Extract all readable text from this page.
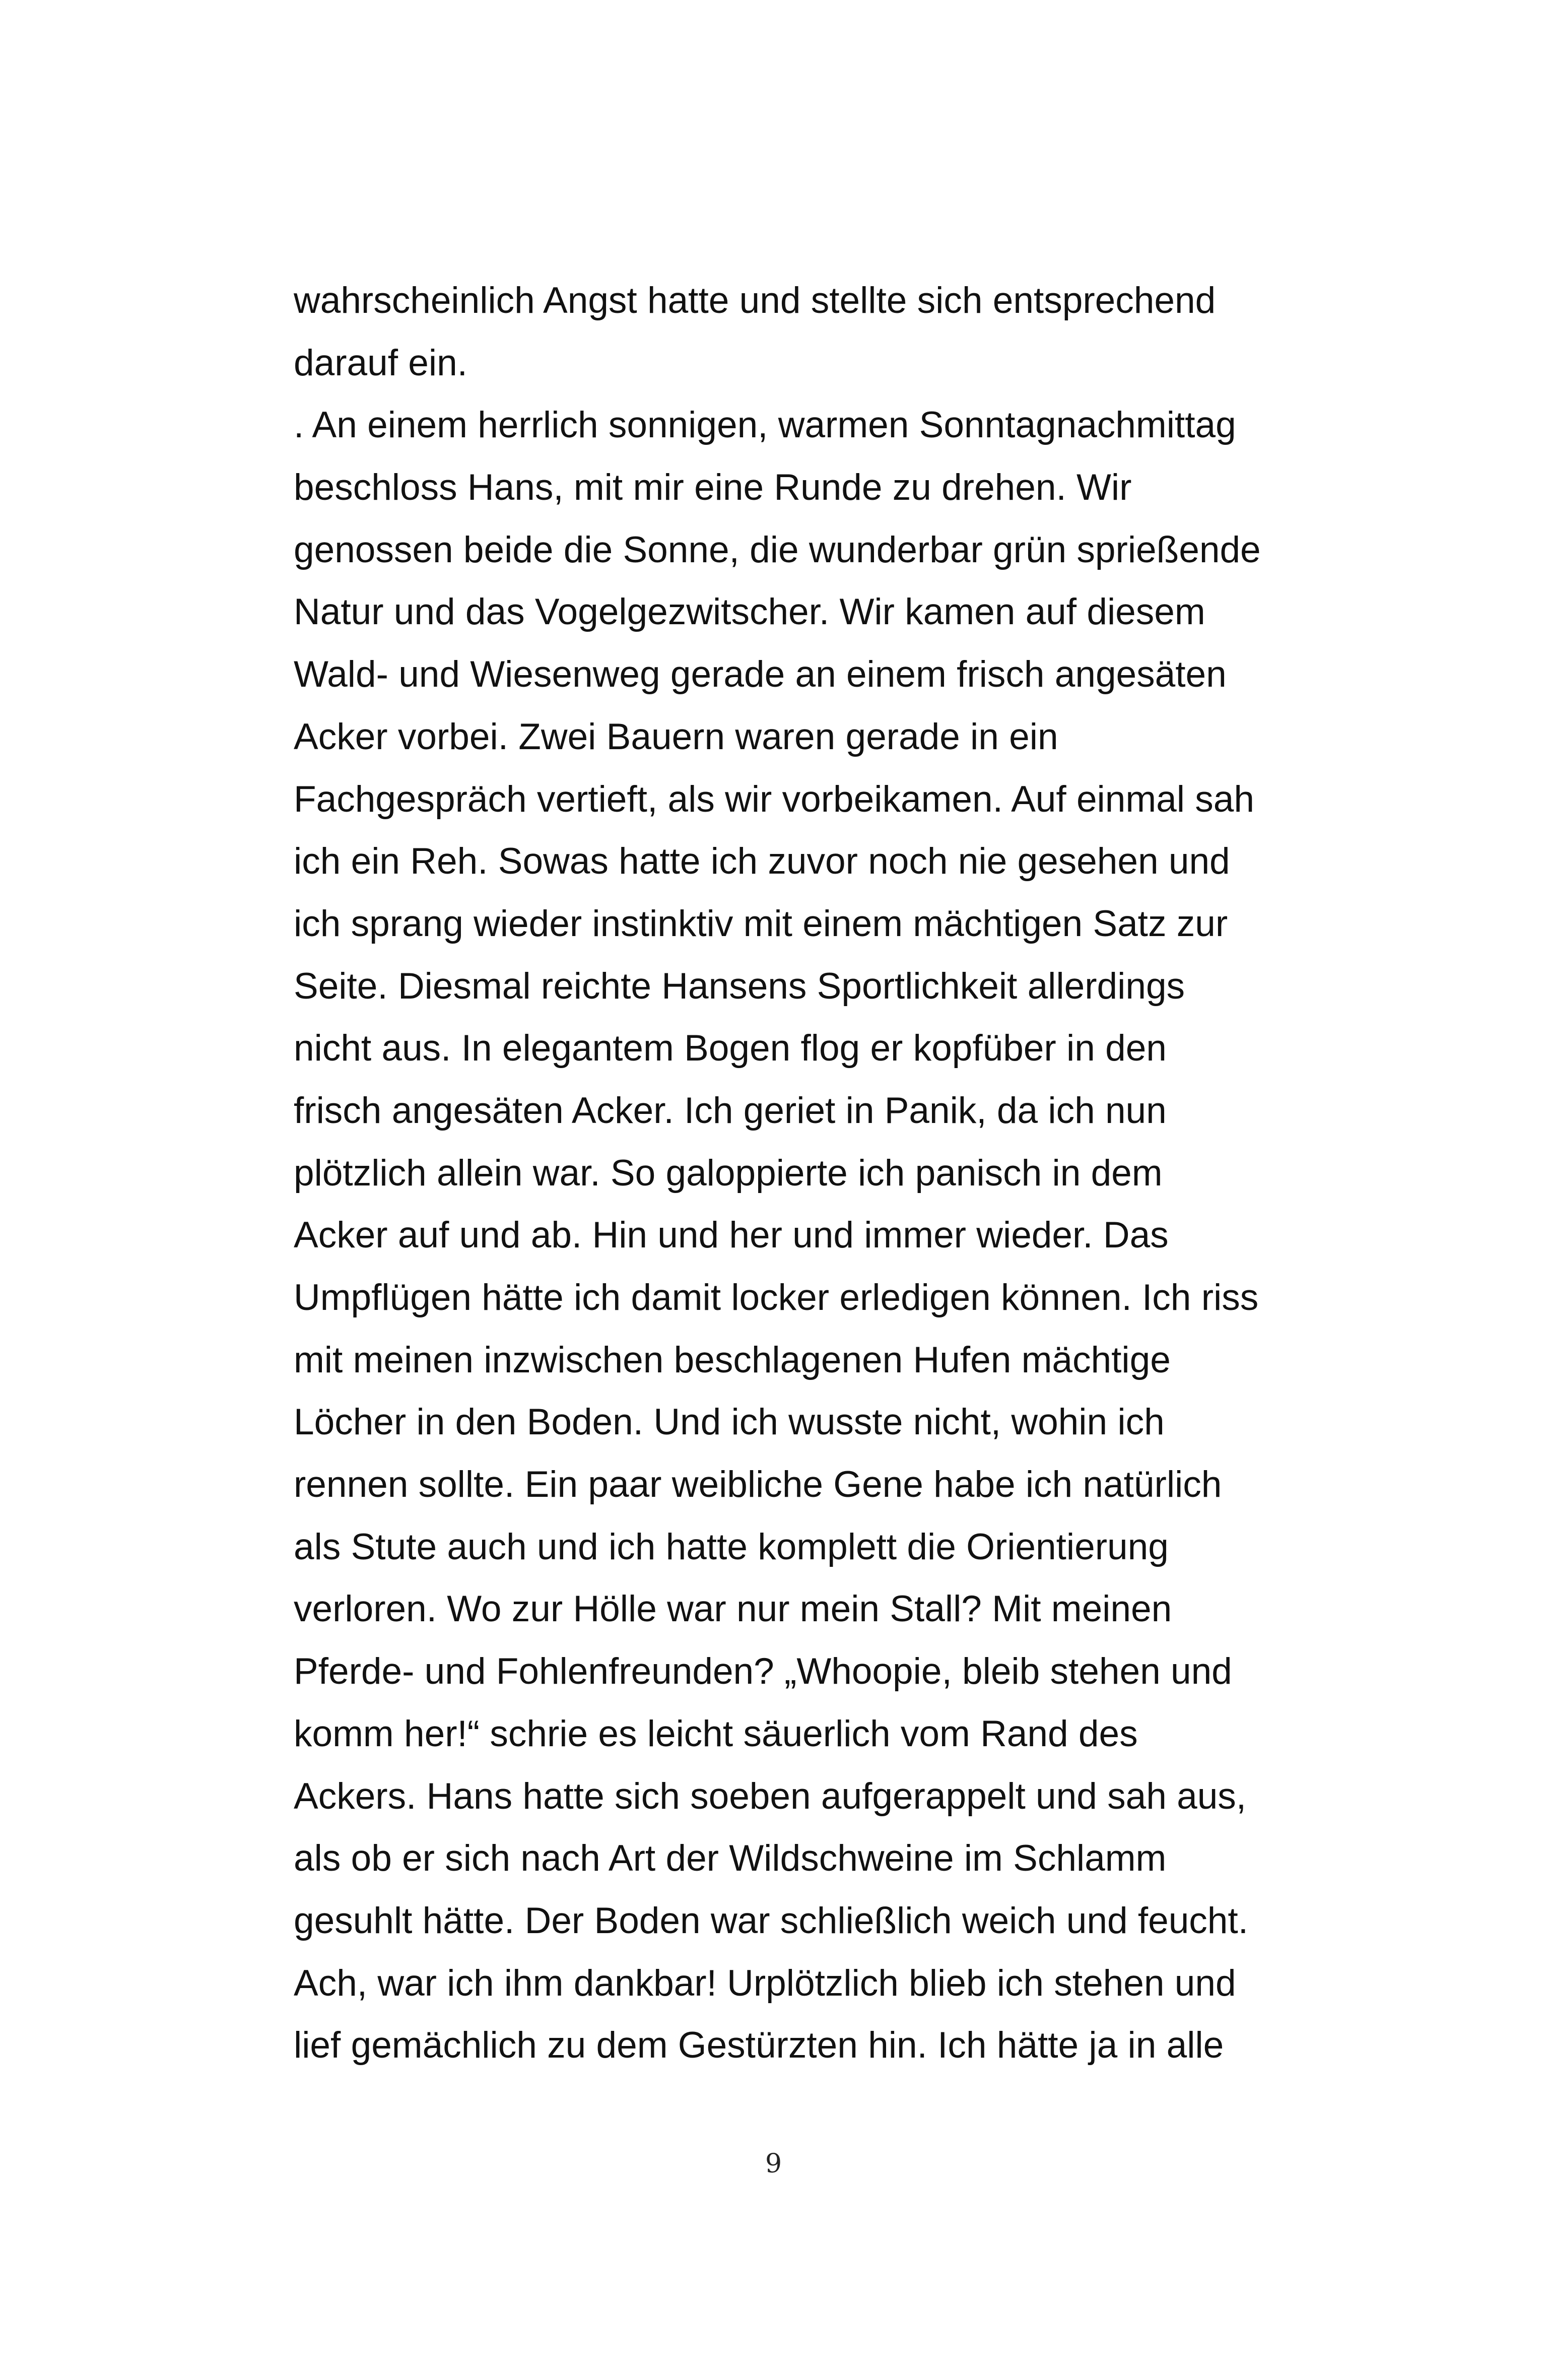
wahrscheinlich Angst hatte und stellte sich entsprechend
darauf ein.
. An einem herrlich sonnigen, warmen Sonntagnachmittag
beschloss Hans, mit mir eine Runde zu drehen. Wir
genossen beide die Sonne, die wunderbar grün sprießende
Natur und das Vogelgezwitscher. Wir kamen auf diesem
Wald- und Wiesenweg gerade an einem frisch angesäten
Acker vorbei. Zwei Bauern waren gerade in ein
Fachgespräch vertieft, als wir vorbeikamen. Auf einmal sah
ich ein Reh. Sowas hatte ich zuvor noch nie gesehen und
ich sprang wieder instinktiv mit einem mächtigen Satz zur
Seite. Diesmal reichte Hansens Sportlichkeit allerdings
nicht aus. In elegantem Bogen flog er kopfüber in den
frisch angesäten Acker. Ich geriet in Panik, da ich nun
plötzlich allein war. So galoppierte ich panisch in dem
Acker auf und ab. Hin und her und immer wieder. Das
Umpflügen hätte ich damit locker erledigen können. Ich riss
mit meinen inzwischen beschlagenen Hufen mächtige
Löcher in den Boden. Und ich wusste nicht, wohin ich
rennen sollte. Ein paar weibliche Gene habe ich natürlich
als Stute auch und ich hatte komplett die Orientierung
verloren. Wo zur Hölle war nur mein Stall? Mit meinen
Pferde- und Fohlenfreunden? „Whoopie, bleib stehen und
komm her!“ schrie es leicht säuerlich vom Rand des
Ackers. Hans hatte sich soeben aufgerappelt und sah aus,
als ob er sich nach Art der Wildschweine im Schlamm
gesuhlt hätte. Der Boden war schließlich weich und feucht.
Ach, war ich ihm dankbar! Urplötzlich blieb ich stehen und
lief gemächlich zu dem Gestürzten hin. Ich hätte ja in alle
9
